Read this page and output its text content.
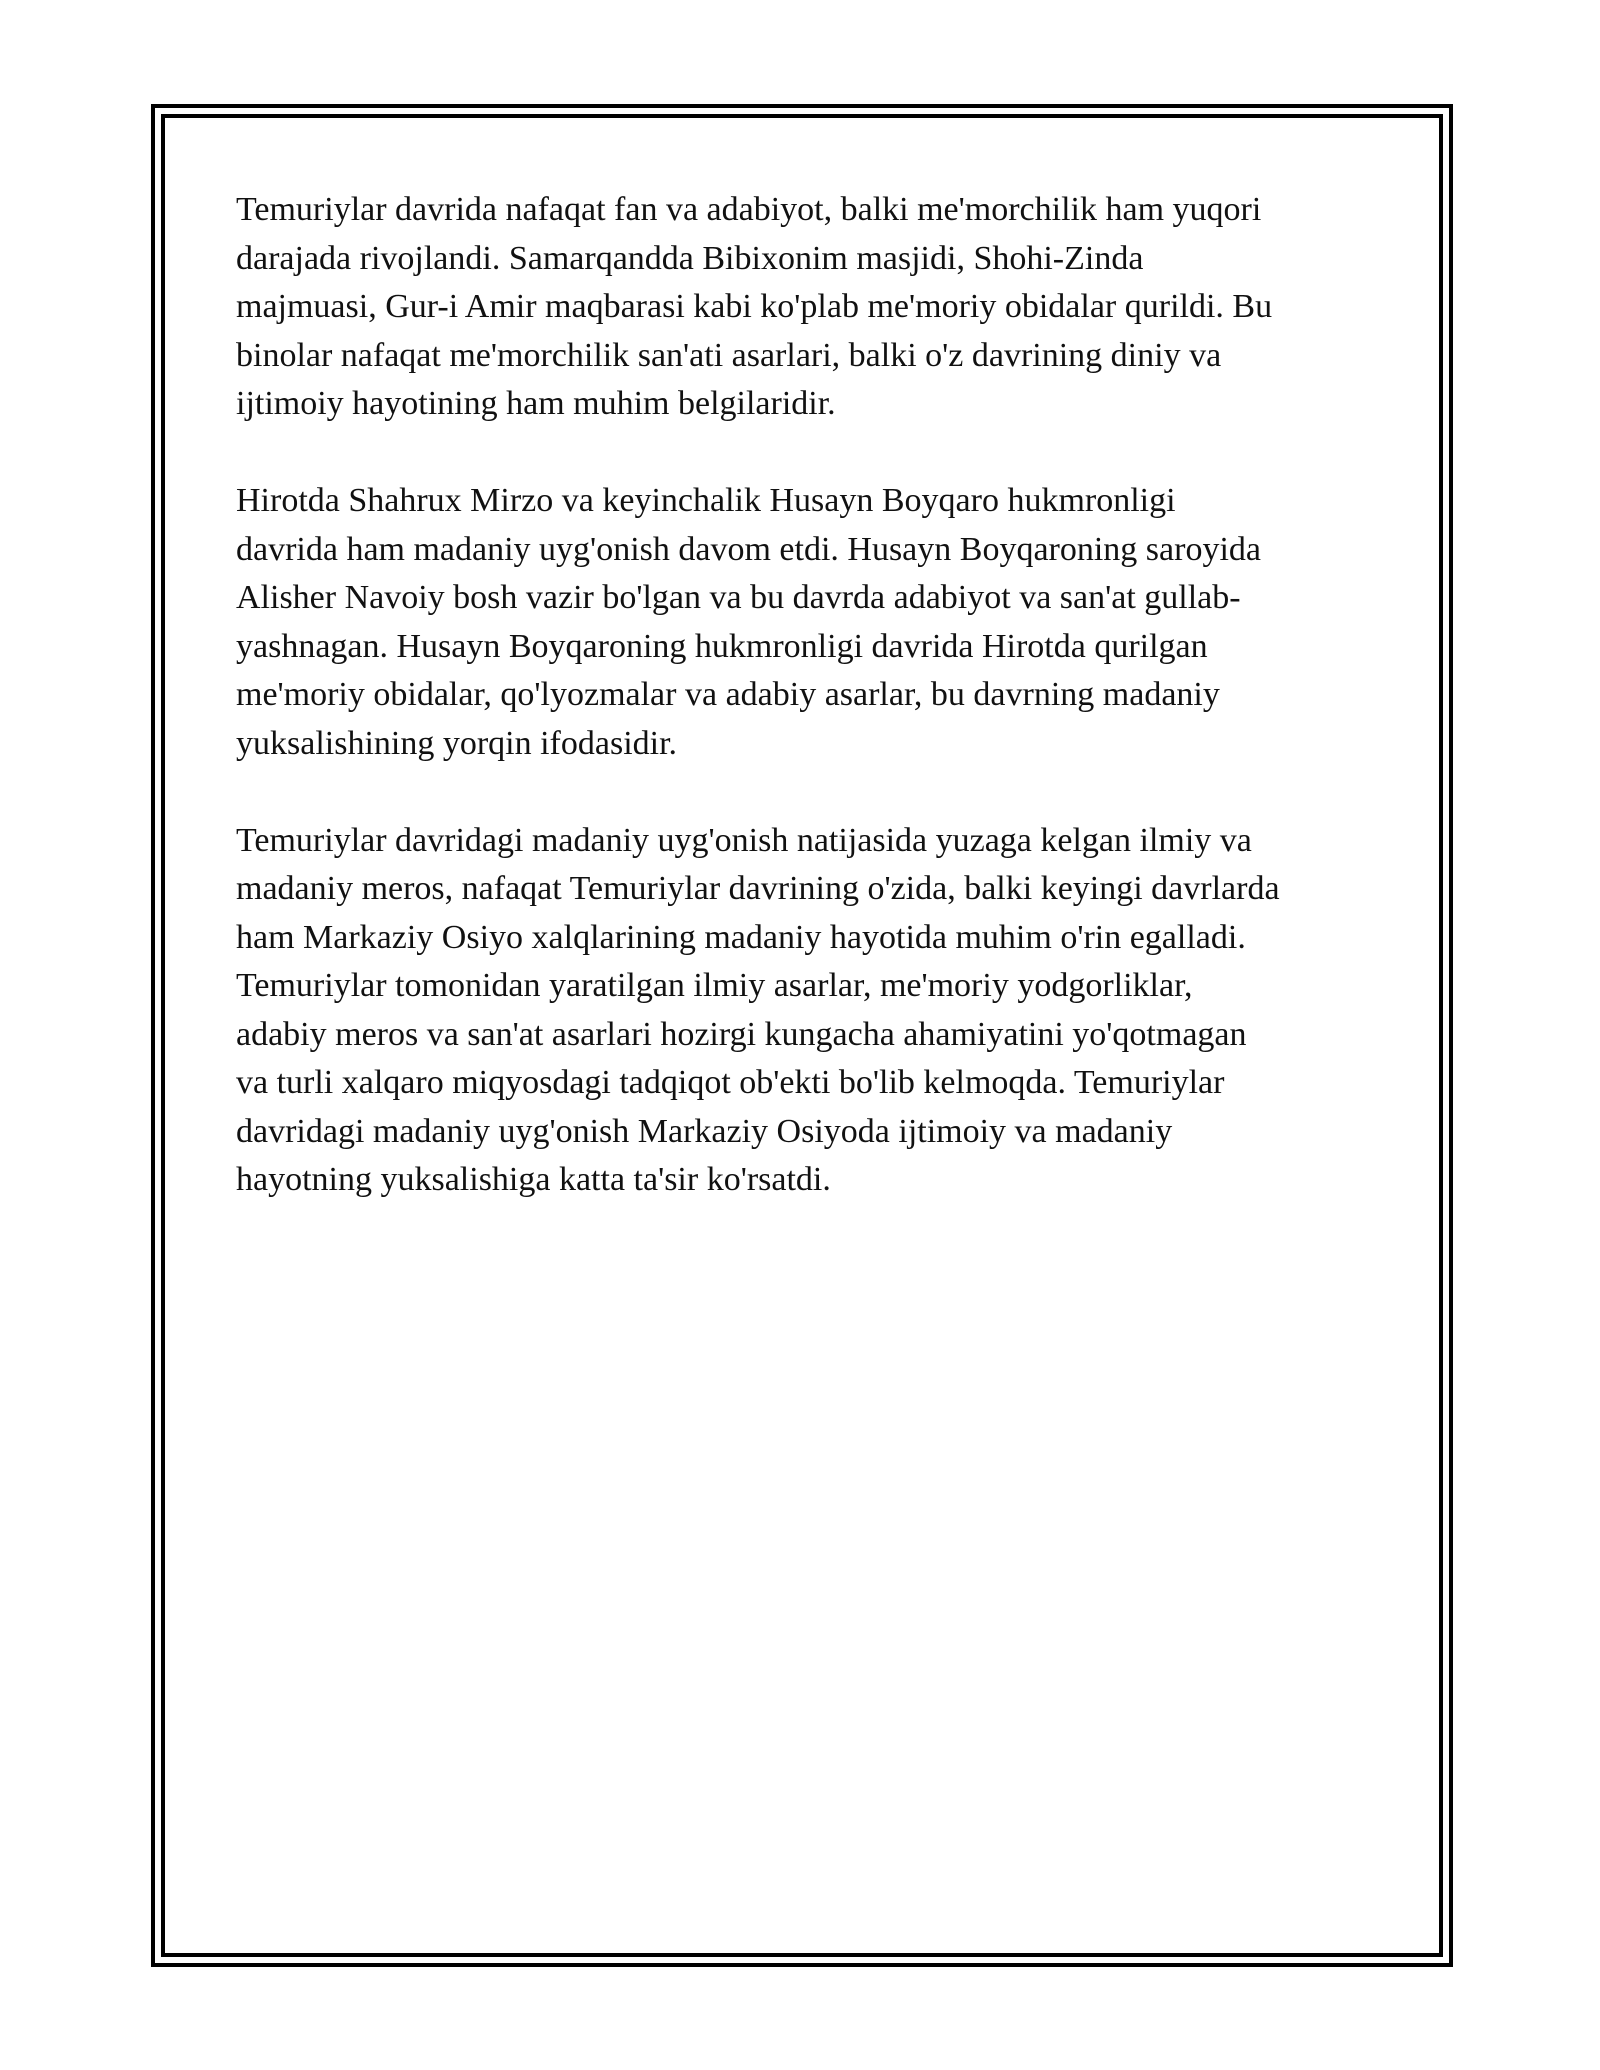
Temuriylar davrida nafaqat fan va adabiyot, balki me'morchilik ham yuqori
darajada rivojlandi. Samarqandda Bibixonim masjidi, Shohi-Zinda
majmuasi, Gur-i Amir maqbarasi kabi ko'plab me'moriy obidalar qurildi. Bu
binolar nafaqat me'morchilik san'ati asarlari, balki o'z davrining diniy va
ijtimoiy hayotining ham muhim belgilaridir.
Hirotda Shahrux Mirzo va keyinchalik Husayn Boyqaro hukmronligi
davrida ham madaniy uyg'onish davom etdi. Husayn Boyqaroning saroyida
Alisher Navoiy bosh vazir bo'lgan va bu davrda adabiyot va san'at gullab-
yashnagan. Husayn Boyqaroning hukmronligi davrida Hirotda qurilgan
me'moriy obidalar, qo'lyozmalar va adabiy asarlar, bu davrning madaniy
yuksalishining yorqin ifodasidir.
Temuriylar davridagi madaniy uyg'onish natijasida yuzaga kelgan ilmiy va
madaniy meros, nafaqat Temuriylar davrining o'zida, balki keyingi davrlarda
ham Markaziy Osiyo xalqlarining madaniy hayotida muhim o'rin egalladi.
Temuriylar tomonidan yaratilgan ilmiy asarlar, me'moriy yodgorliklar,
adabiy meros va san'at asarlari hozirgi kungacha ahamiyatini yo'qotmagan
va turli xalqaro miqyosdagi tadqiqot ob'ekti bo'lib kelmoqda. Temuriylar
davridagi madaniy uyg'onish Markaziy Osiyoda ijtimoiy va madaniy
hayotning yuksalishiga katta ta'sir ko'rsatdi.
